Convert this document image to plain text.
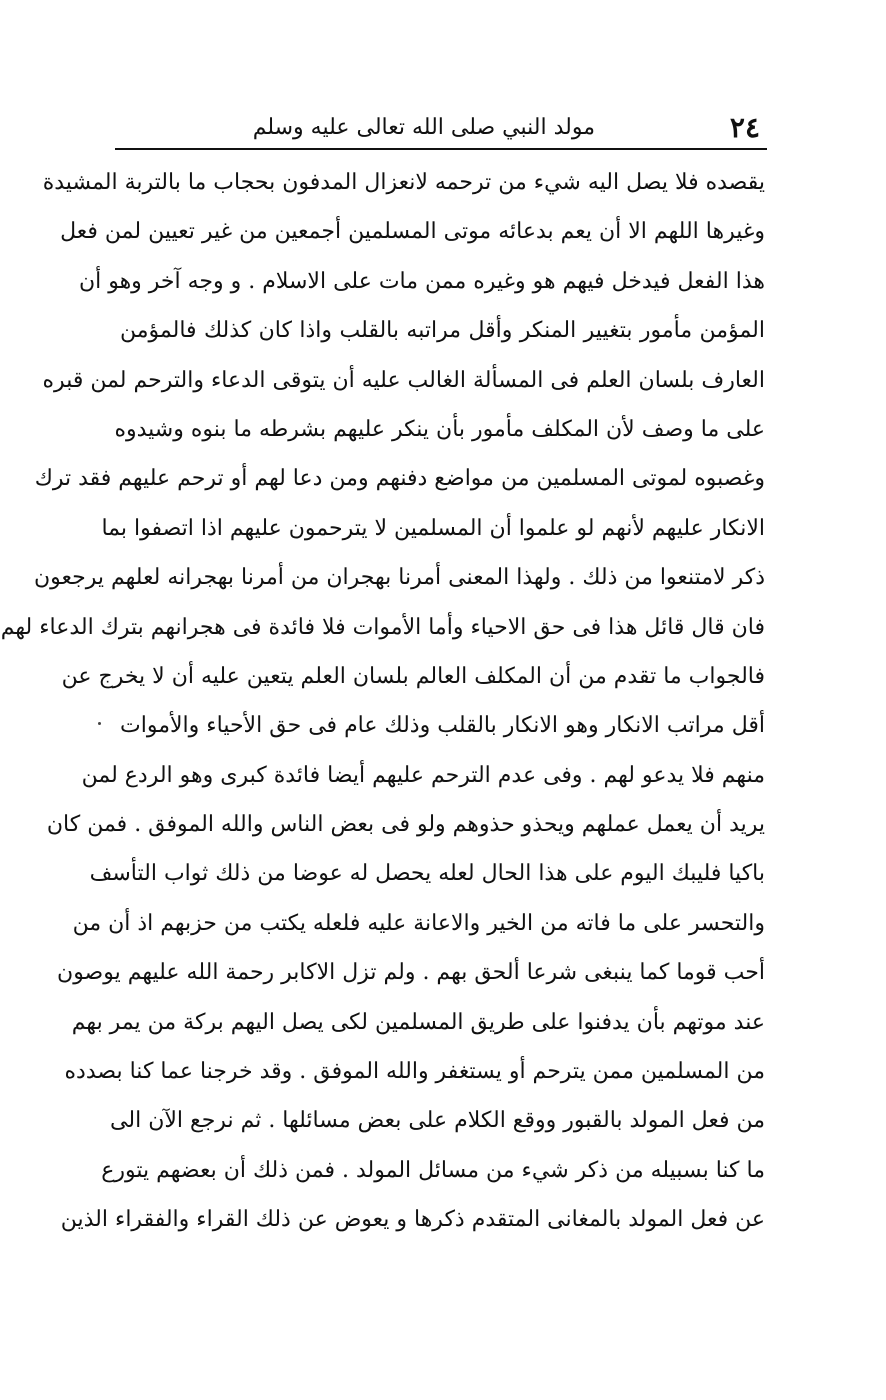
٢٤
مولد النبي صلى الله تعالى عليه وسلم
يقصده فلا يصل اليه شيء من ترحمه لانعزال المدفون بحجاب ما بالتربة المشيدة
وغيرها اللهم الا أن يعم بدعائه موتى المسلمين أجمعين من غير تعيين لمن فعل
هذا الفعل فيدخل فيهم هو وغيره ممن مات على الاسلام . و وجه آخر وهو أن
المؤمن مأمور بتغيير المنكر وأقل مراتبه بالقلب واذا كان كذلك فالمؤمن
العارف بلسان العلم فى المسألة الغالب عليه أن يتوقى الدعاء والترحم لمن قبره
على ما وصف لأن المكلف مأمور بأن ينكر عليهم بشرطه ما بنوه وشيدوه
وغصبوه لموتى المسلمين من مواضع دفنهم ومن دعا لهم أو ترحم عليهم فقد ترك
الانكار عليهم لأنهم لو علموا أن المسلمين لا يترحمون عليهم اذا اتصفوا بما
ذكر لامتنعوا من ذلك . ولهذا المعنى أمرنا بهجران من أمرنا بهجرانه لعلهم يرجعون
فان قال قائل هذا فى حق الاحياء وأما الأموات فلا فائدة فى هجرانهم بترك الدعاء لهم
فالجواب ما تقدم من أن المكلف العالم بلسان العلم يتعين عليه أن لا يخرج عن
أقل مراتب الانكار وهو الانكار بالقلب وذلك عام فى حق الأحياء والأموات
منهم فلا يدعو لهم . وفى عدم الترحم عليهم أيضا فائدة كبرى وهو الردع لمن
يريد أن يعمل عملهم ويحذو حذوهم ولو فى بعض الناس والله الموفق . فمن كان
باكيا فليبك اليوم على هذا الحال لعله يحصل له عوضا من ذلك ثواب التأسف
والتحسر على ما فاته من الخير والاعانة عليه فلعله يكتب من حزبهم اذ أن من
أحب قوما كما ينبغى شرعا ألحق بهم . ولم تزل الاكابر رحمة الله عليهم يوصون
عند موتهم بأن يدفنوا على طريق المسلمين لكى يصل اليهم بركة من يمر بهم
من المسلمين ممن يترحم أو يستغفر والله الموفق . وقد خرجنا عما كنا بصدده
من فعل المولد بالقبور ووقع الكلام على بعض مسائلها . ثم نرجع الآن الى
ما كنا بسبيله من ذكر شيء من مسائل المولد . فمن ذلك أن بعضهم يتورع
عن فعل المولد بالمغانى المتقدم ذكرها و يعوض عن ذلك القراء والفقراء الذين
